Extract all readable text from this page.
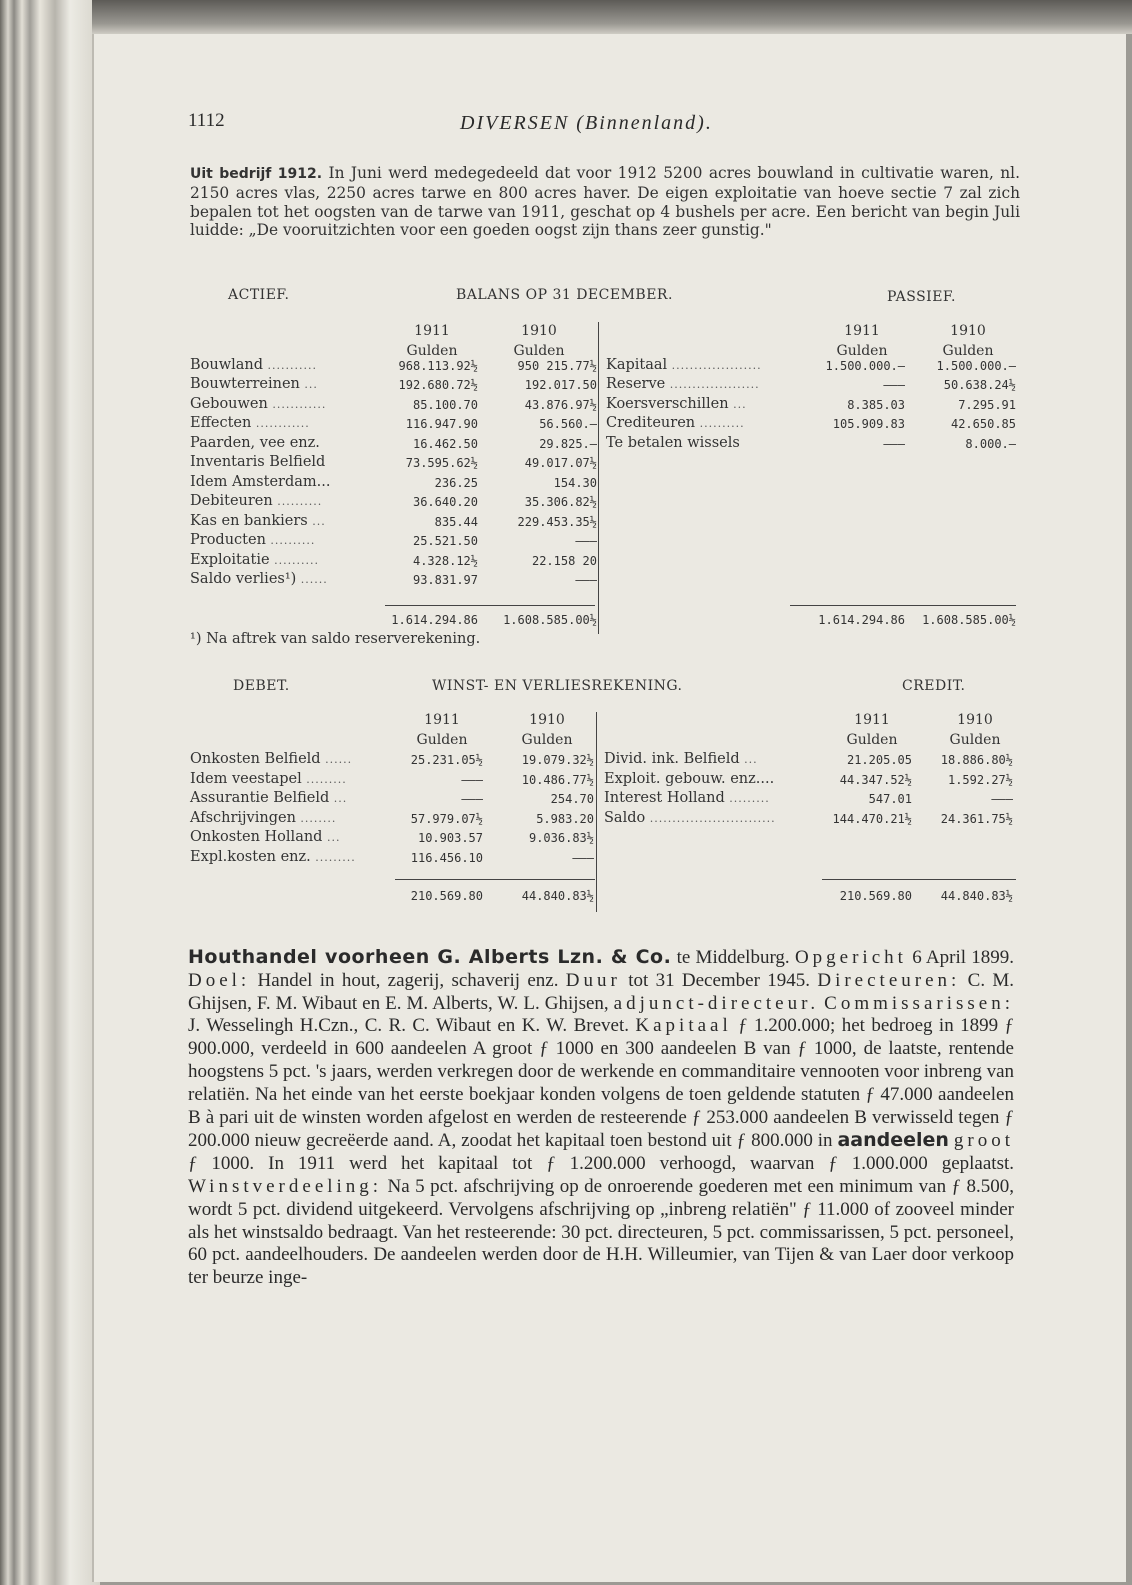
1112	DIVERSEN (Binnenland).
Uit bedrijf 1912. In Juni werd medegedeeld dat voor 1912 5200 acres bouwland in cultivatie waren, nl. 2150 acres vlas, 2250 acres tarwe en 800 acres haver. De eigen exploitatie van hoeve sectie 7 zal zich bepalen tot het oogsten van de tarwe van 1911, geschat op 4 bushels per acre. Een bericht van begin Juli luidde: „De vooruitzichten voor een goeden oogst zijn thans zeer gunstig."
ACTIEF.	BALANS OP 31 DECEMBER.	PASSIEF.
1911	1910
Gulden	Gulden
1911	1910
Gulden	Gulden
Bouwland ...........	968.113.92½	950 215.77½
Bouwterreinen ...	192.680.72½	192.017.50
Gebouwen ............	85.100.70	43.876.97½
Effecten ............	116.947.90	56.560.—
Paarden, vee enz.	16.462.50	29.825.—
Inventaris Belfield	73.595.62½	49.017.07½
Idem Amsterdam...	236.25	154.30
Debiteuren ..........	36.640.20	35.306.82½
Kas en bankiers ...	835.44	229.453.35½
Producten ..........	25.521.50	———
Exploitatie ..........	4.328.12½	22.158 20
Saldo verlies¹) ......	93.831.97	———
Kapitaal ....................	1.500.000.—	1.500.000.—
Reserve ....................	———	50.638.24½
Koersverschillen ...	8.385.03	7.295.91
Crediteuren ..........	105.909.83	42.650.85
Te betalen wissels	———	8.000.—
1.614.294.86	1.608.585.00½	1.614.294.86	1.608.585.00½
¹) Na aftrek van saldo reserverekening.
DEBET.	WINST- EN VERLIESREKENING.	CREDIT.
1911	1910
Gulden	Gulden
1911	1910
Gulden	Gulden
Onkosten Belfield ......	25.231.05½	19.079.32½
Idem veestapel .........	———	10.486.77½
Assurantie Belfield ...	———	254.70
Afschrijvingen ........	57.979.07½	5.983.20
Onkosten Holland ...	10.903.57	9.036.83½
Expl.kosten enz. .........	116.456.10	———
Divid. ink. Belfield ...	21.205.05	18.886.80½
Exploit. gebouw. enz....	44.347.52½	1.592.27½
Interest Holland .........	547.01	———
Saldo ............................	144.470.21½	24.361.75½
210.569.80	44.840.83½	210.569.80	44.840.83½
Houthandel voorheen G. Alberts Lzn. & Co. te Middelburg. Opgericht 6 April 1899. Doel: Handel in hout, zagerij, schaverij enz. Duur tot 31 December 1945. Directeuren: C. M. Ghijsen, F. M. Wibaut en E. M. Alberts, W. L. Ghijsen, adjunct-directeur. Commissarissen: J. Wesselingh H.Czn., C. R. C. Wibaut en K. W. Brevet. Kapitaal ƒ 1.200.000; het bedroeg in 1899 ƒ 900.000, verdeeld in 600 aandeelen A groot ƒ 1000 en 300 aandeelen B van ƒ 1000, de laatste, rentende hoogstens 5 pct. 's jaars, werden verkregen door de werkende en commanditaire vennooten voor inbreng van relatiën. Na het einde van het eerste boekjaar konden volgens de toen geldende statuten ƒ 47.000 aandeelen B à pari uit de winsten worden afgelost en werden de resteerende ƒ 253.000 aandeelen B verwisseld tegen ƒ 200.000 nieuw gecreëerde aand. A, zoodat het kapitaal toen bestond uit ƒ 800.000 in aandeelen groot ƒ 1000. In 1911 werd het kapitaal tot ƒ 1.200.000 verhoogd, waarvan ƒ 1.000.000 geplaatst. Winstverdeeling: Na 5 pct. afschrijving op de onroerende goederen met een minimum van ƒ 8.500, wordt 5 pct. dividend uitgekeerd. Vervolgens afschrijving op „inbreng relatiën" ƒ 11.000 of zooveel minder als het winstsaldo bedraagt. Van het resteerende: 30 pct. directeuren, 5 pct. commissarissen, 5 pct. personeel, 60 pct. aandeelhouders. De aandeelen werden door de H.H. Willeumier, van Tijen & van Laer door verkoop ter beurze inge-
